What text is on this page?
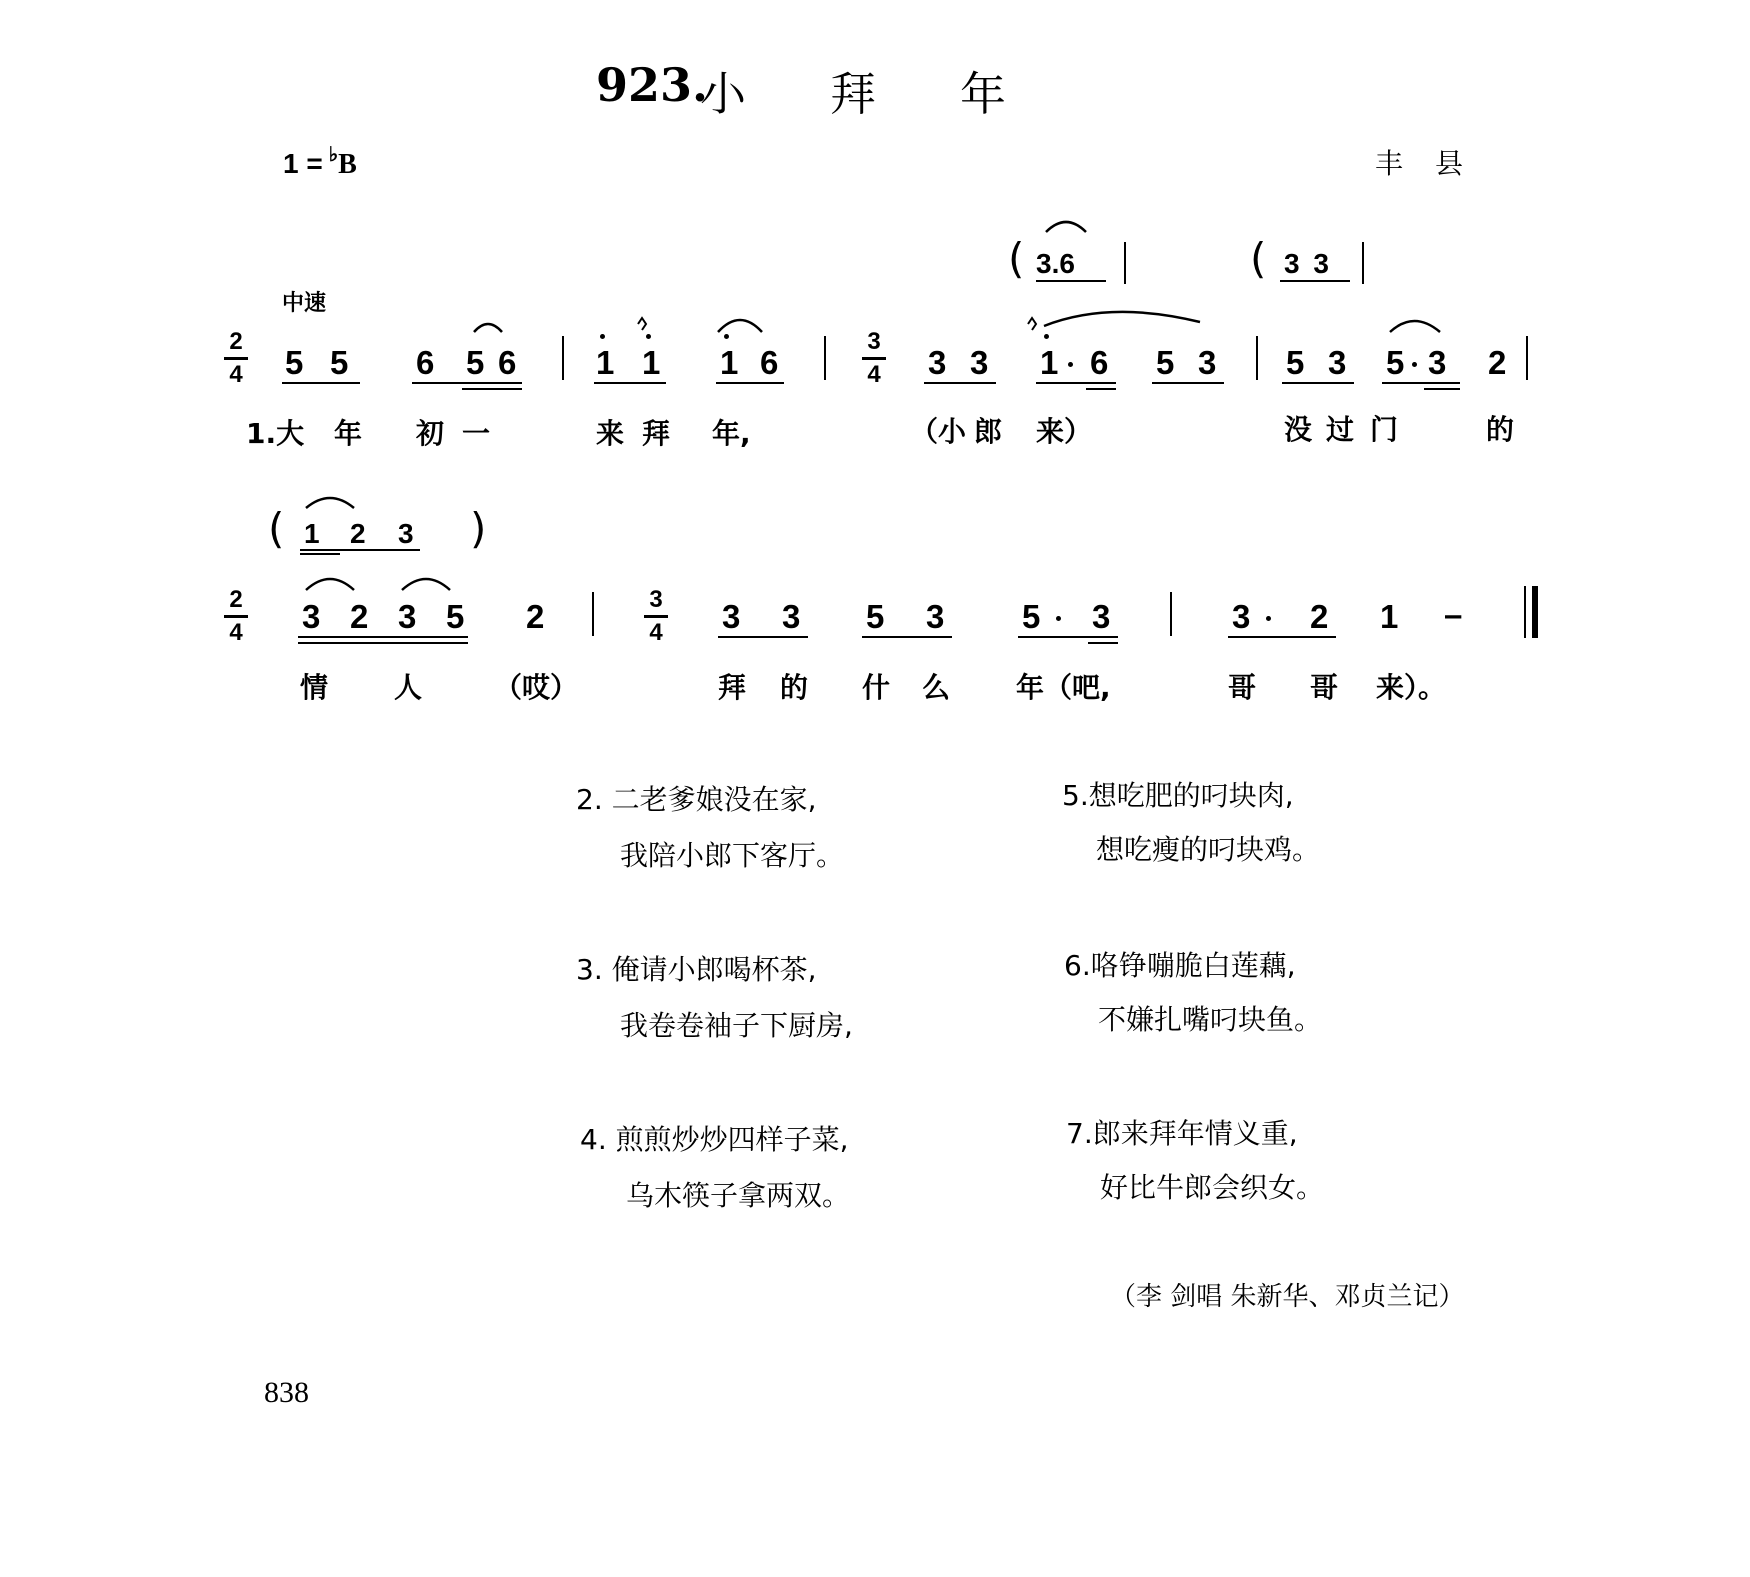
923.
小拜年
1 = ♭B	丰县
中速
( 3.6	( 3 3
2
4 5 5 6 5 6 1 1 1 6
3
4 3 3 1 6 5 3 5 3 5 3 2
1.大 年 初 一	来 拜 年,	（小 郎 来）	没 过 门	的
( 1 2 3 )
2
4 3 2 3 5 2	3
4 3 3 5 3 5 3	3 2 1 –
情 人	（哎）	拜 的 什 么 年（吧,	哥 哥 来）。
2. 二老爹娘没在家,
我陪小郎下客厅。
3. 俺请小郎喝杯茶,
我卷卷袖子下厨房,
4. 煎煎炒炒四样子菜,
乌木筷子拿两双。
5.想吃肥的叼块肉,
想吃瘦的叼块鸡。
6.咯铮嘣脆白莲藕,
不嫌扎嘴叼块鱼。
7.郎来拜年情义重,
好比牛郎会织女。
（李 剑唱 朱新华、邓贞兰记）
838
